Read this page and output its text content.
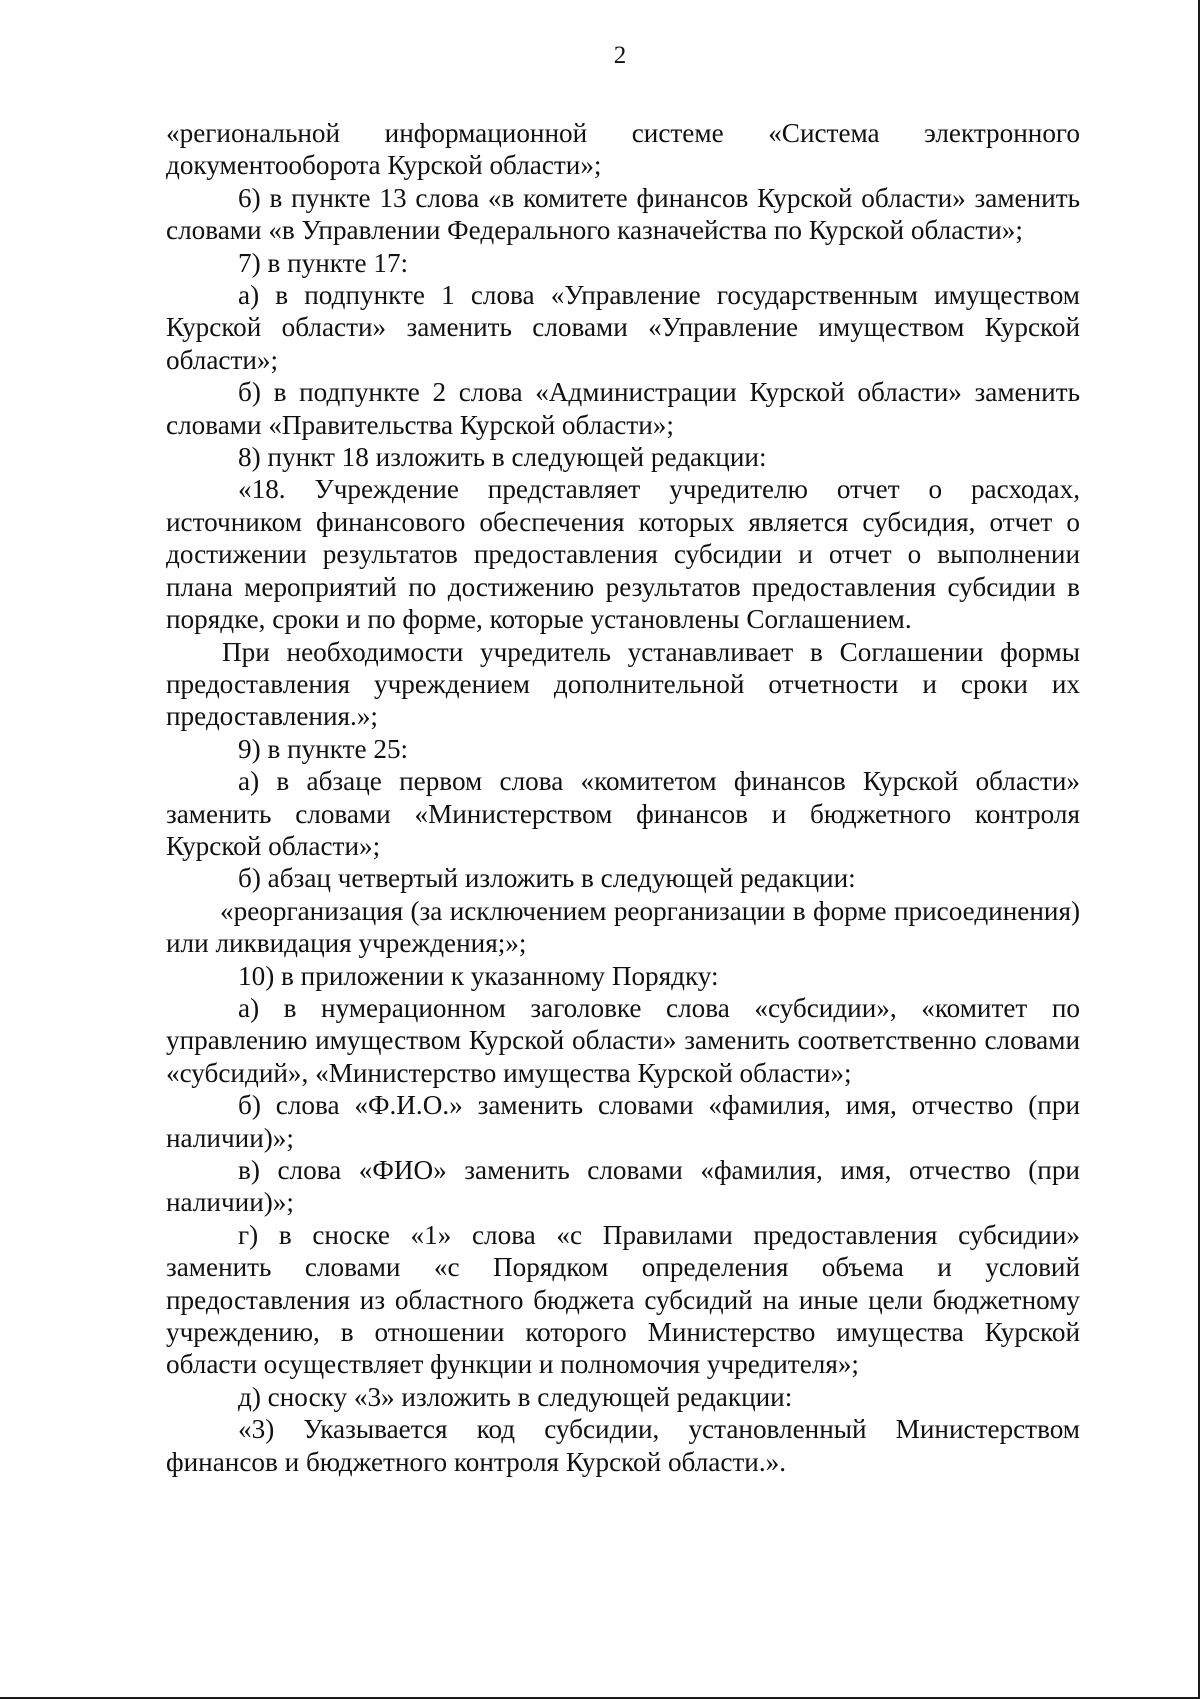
2

«региональной информационной системе «Система электронного документооборота Курской области»;

6) в пункте 13 слова «в комитете финансов Курской области» заменить словами «в Управлении Федерального казначейства по Курской области»;

7) в пункте 17:

а) в подпункте 1 слова «Управление государственным имуществом Курской области» заменить словами «Управление имуществом Курской области»;

б) в подпункте 2 слова «Администрации Курской области» заменить словами «Правительства Курской области»;

8) пункт 18 изложить в следующей редакции:

«18. Учреждение представляет учредителю отчет о расходах, источником финансового обеспечения которых является субсидия, отчет о достижении результатов предоставления субсидии и отчет о выполнении плана мероприятий по достижению результатов предоставления субсидии в порядке, сроки и по форме, которые установлены Соглашением.

При необходимости учредитель устанавливает в Соглашении формы предоставления учреждением дополнительной отчетности и сроки их предоставления.»;

9) в пункте 25:

а) в абзаце первом слова «комитетом финансов Курской области» заменить словами «Министерством финансов и бюджетного контроля Курской области»;

б) абзац четвертый изложить в следующей редакции:

«реорганизация (за исключением реорганизации в форме присоединения) или ликвидация учреждения;»;

10) в приложении к указанному Порядку:

а) в нумерационном заголовке слова «субсидии», «комитет по управлению имуществом Курской области» заменить соответственно словами «субсидий», «Министерство имущества Курской области»;

б) слова «Ф.И.О.» заменить словами «фамилия, имя, отчество (при наличии)»;

в) слова «ФИО» заменить словами «фамилия, имя, отчество (при наличии)»;

г) в сноске «1» слова «с Правилами предоставления субсидии» заменить словами «с Порядком определения объема и условий предоставления из областного бюджета субсидий на иные цели бюджетному учреждению, в отношении которого Министерство имущества Курской области осуществляет функции и полномочия учредителя»;

д) сноску «3» изложить в следующей редакции:

«3) Указывается код субсидии, установленный Министерством финансов и бюджетного контроля Курской области.».
